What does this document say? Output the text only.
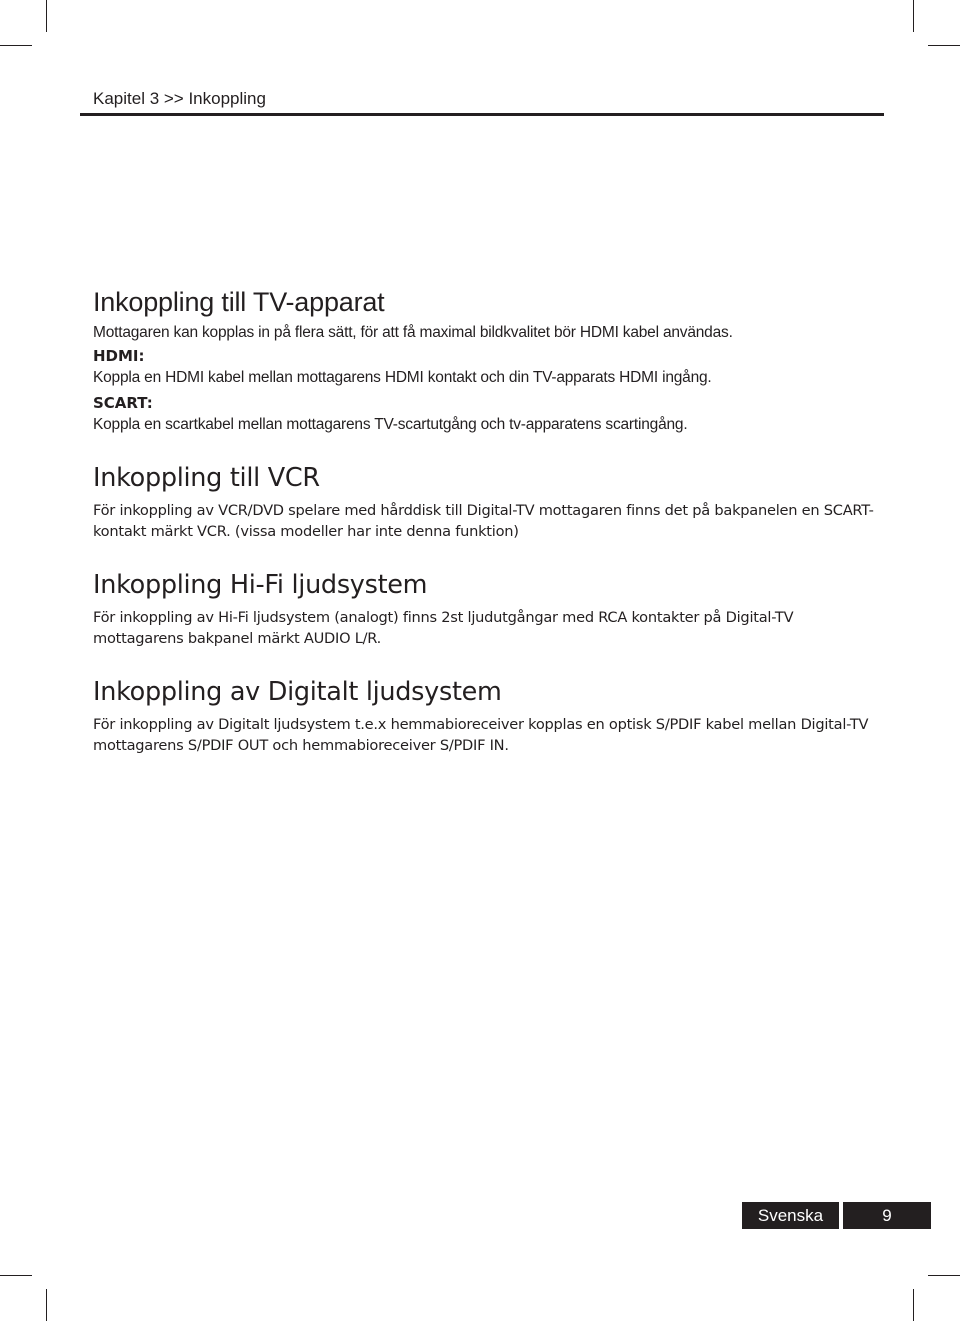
Kapitel 3 >> Inkoppling
Inkoppling till TV-apparat

Mottagaren kan kopplas in på flera sätt, för att få maximal bildkvalitet bör HDMI kabel användas.

HDMI:

Koppla en HDMI kabel mellan mottagarens HDMI kontakt och din TV-apparats HDMI ingång.

SCART:

Koppla en scartkabel mellan mottagarens TV-scartutgång och tv-apparatens scartingång.

Inkoppling till VCR

För inkoppling av VCR/DVD spelare med hårddisk till Digital-TV mottagaren finns det på bakpanelen en SCART-kontakt märkt VCR. (vissa modeller har inte denna funktion)

Inkoppling Hi-Fi ljudsystem

För inkoppling av Hi-Fi ljudsystem (analogt) finns 2st ljudutgångar med RCA kontakter på Digital-TV mottagarens bakpanel märkt AUDIO L/R.

Inkoppling av Digitalt ljudsystem

För inkoppling av Digitalt ljudsystem t.e.x hemmabioreceiver kopplas en optisk S/PDIF kabel mellan Digital-TV mottagarens S/PDIF OUT och hemmabioreceiver S/PDIF IN.

Svenska	9
